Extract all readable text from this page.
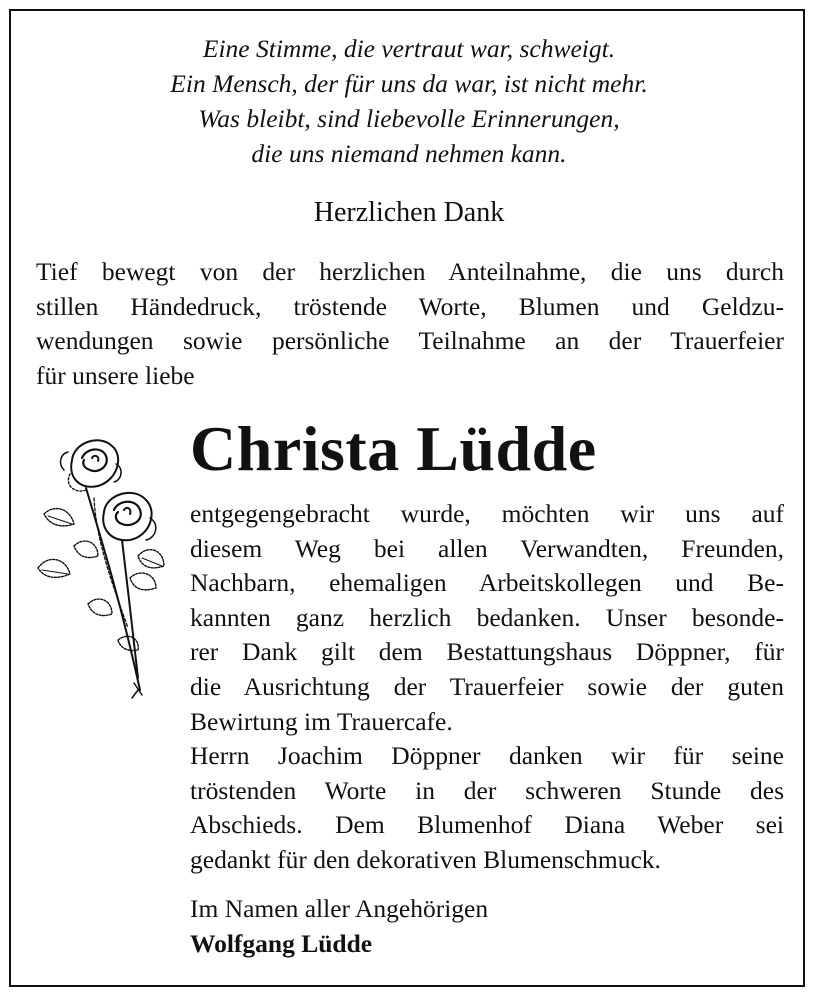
Eine Stimme, die vertraut war, schweigt.
Ein Mensch, der für uns da war, ist nicht mehr.
Was bleibt, sind liebevolle Erinnerungen,
die uns niemand nehmen kann.
Herzlichen Dank
Tief bewegt von der herzlichen Anteilnahme, die uns durch
stillen Händedruck, tröstende Worte, Blumen und Geldzu-
wendungen sowie persönliche Teilnahme an der Trauerfeier
für unsere liebe
Christa Lüdde
entgegengebracht wurde, möchten wir uns auf
diesem Weg bei allen Verwandten, Freunden,
Nachbarn, ehemaligen Arbeitskollegen und Be-
kannten ganz herzlich bedanken. Unser besonde-
rer Dank gilt dem Bestattungshaus Döppner, für
die Ausrichtung der Trauerfeier sowie der guten
Bewirtung im Trauercafe.
Herrn Joachim Döppner danken wir für seine
tröstenden Worte in der schweren Stunde des
Abschieds. Dem Blumenhof Diana Weber sei
gedankt für den dekorativen Blumenschmuck.
Im Namen aller Angehörigen
Wolfgang Lüdde
